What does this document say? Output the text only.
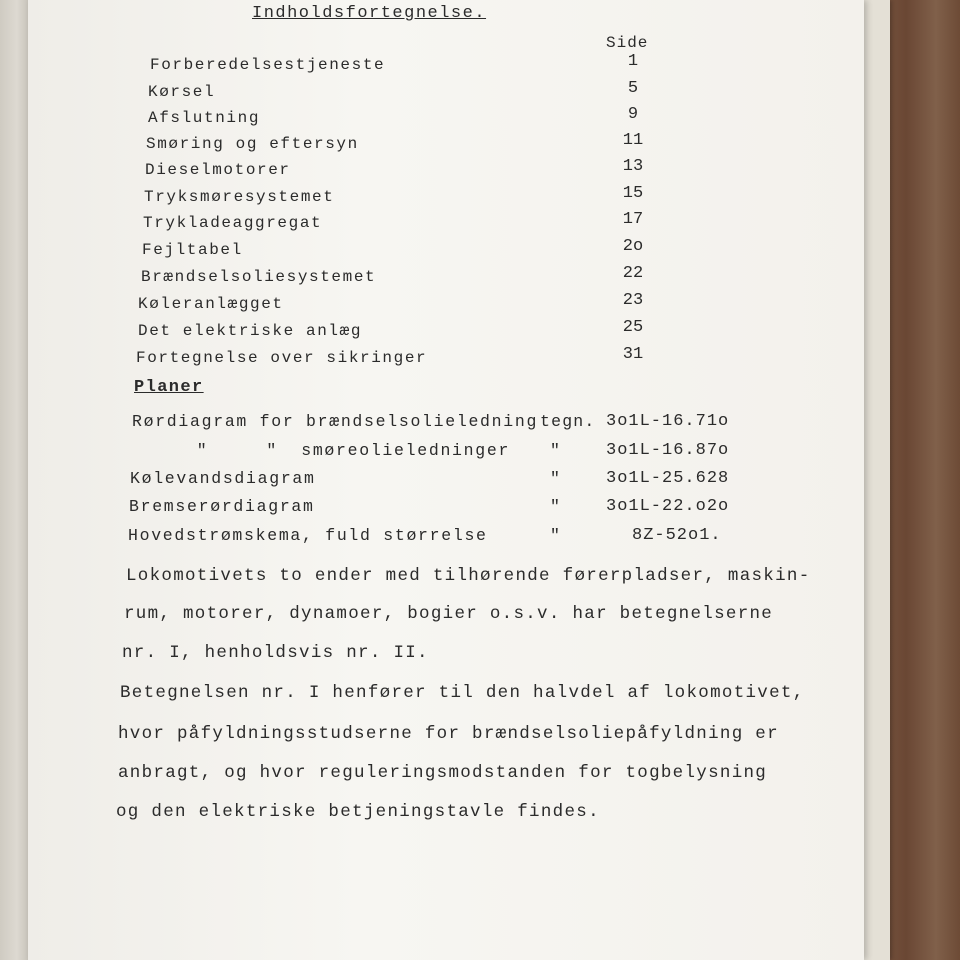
Indholdsfortegnelse.
Side
Forberedelsestjeneste	1
Kørsel	5
Afslutning	9
Smøring og eftersyn	11
Dieselmotorer	13
Tryksmøresystemet	15
Trykladeaggregat	17
Fejltabel	2o
Brændselsoliesystemet	22
Køleranlægget	23
Det elektriske anlæg	25
Fortegnelse over sikringer	31
Planer
Rørdiagram for brændselsolieledning tegn. 3o1L-16.71o
"     "  smøreolieledninger "	3o1L-16.87o
Kølevandsdiagram	"	3o1L-25.628
Bremserørdiagram	"	3o1L-22.o2o
Hovedstrømskema, fuld størrelse	"	8Z-52o1.
Lokomotivets to ender med tilhørende førerpladser, maskin-
rum, motorer, dynamoer, bogier o.s.v. har betegnelserne
nr. I, henholdsvis nr. II.
Betegnelsen nr. I henfører til den halvdel af lokomotivet,
hvor påfyldningsstudserne for brændselsoliepåfyldning er
anbragt, og hvor reguleringsmodstanden for togbelysning
og den elektriske betjeningstavle findes.
